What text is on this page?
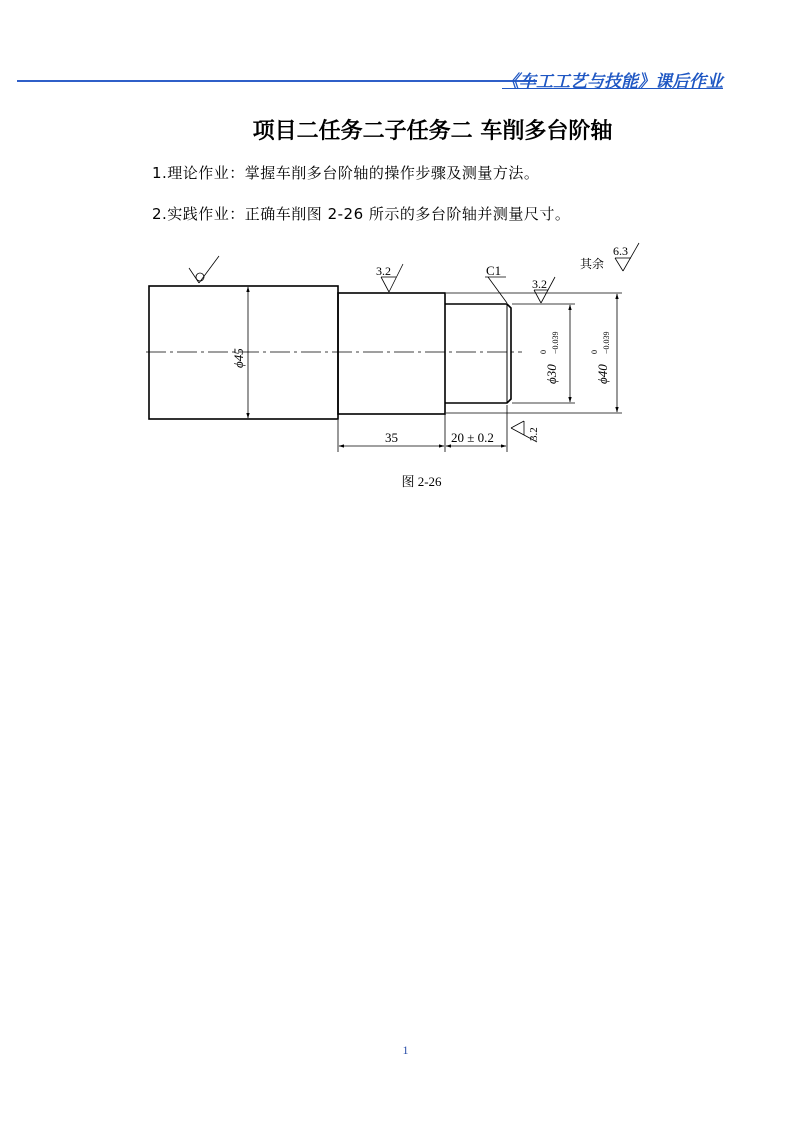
《车工工艺与技能》课后作业
项目二任务二子任务二 车削多台阶轴
1.理论作业：掌握车削多台阶轴的操作步骤及测量方法。
2.实践作业：正确车削图 2-26 所示的多台阶轴并测量尺寸。
ϕ45
ϕ30
0 −0.039
ϕ40
0 −0.039
35	20 ± 0.2
3.2
3.2
3.2
C1	其余
6.3
图 2-26
1
